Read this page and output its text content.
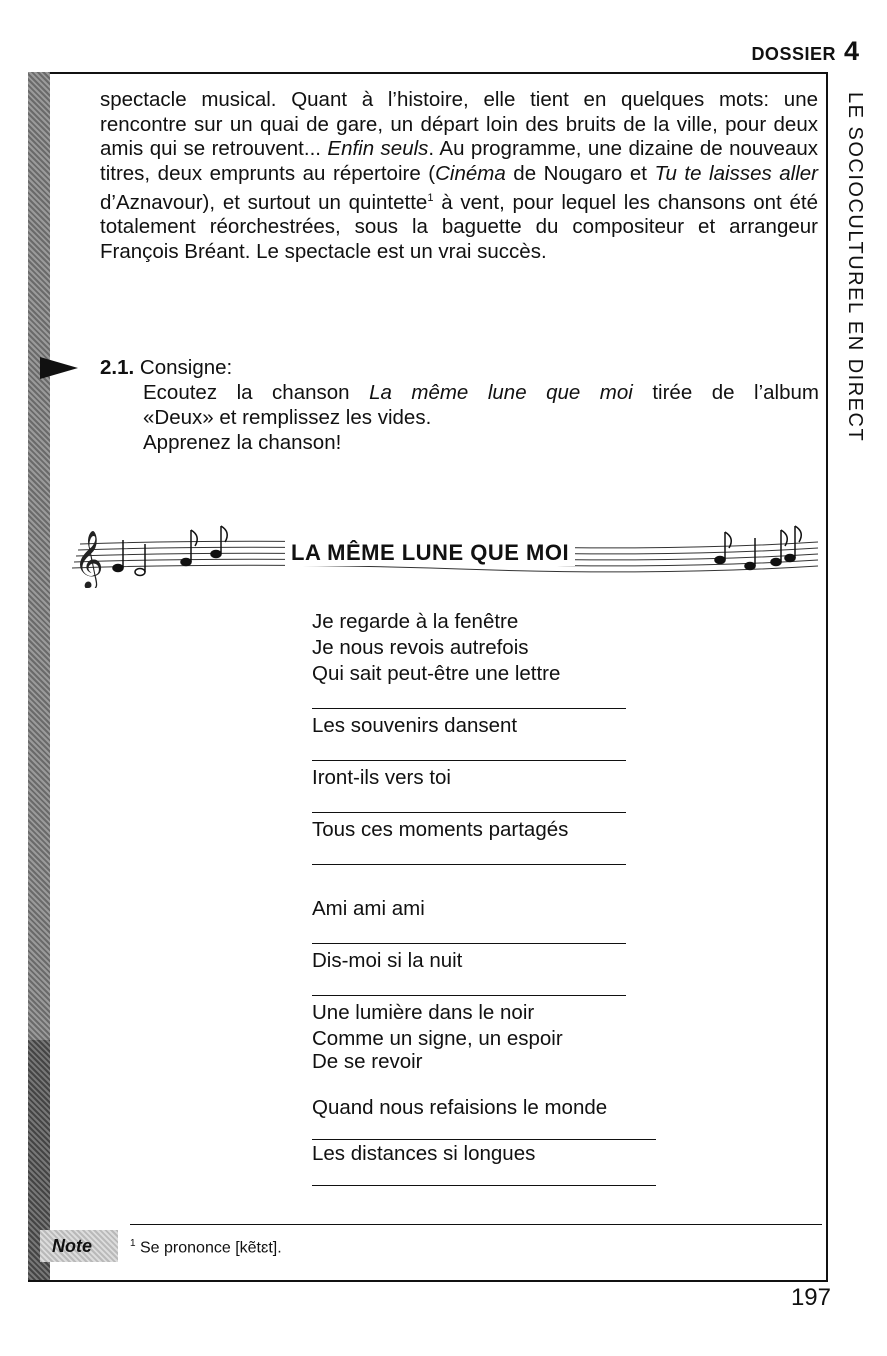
DOSSIER 4
LE SOCIOCULTUREL EN DIRECT
spectacle musical. Quant à l’histoire, elle tient en quelques mots: une rencontre sur un quai de gare, un départ loin des bruits de la ville, pour deux amis qui se retrouvent... Enfin seuls. Au programme, une dizaine de nouveaux titres, deux emprunts au répertoire (Cinéma de Nougaro et Tu te laisses aller d’Aznavour), et surtout un quintette$^1$ à vent, pour lequel les chansons ont été totalement réorchestrées, sous la baguette du compositeur et arrangeur François Bréant. Le spectacle est un vrai succès.
2.1. Consigne:

Ecoutez la chanson La même lune que moi tirée de l’album

«Deux» et remplissez les vides.

Apprenez la chanson!

𝄞	LA MÊME LUNE QUE MOI
Je regarde à la fenêtre
Je nous revois autrefois
Qui sait peut-être une lettre
Les souvenirs dansent
Iront-ils vers toi
Tous ces moments partagés
Ami ami ami
Dis-moi si la nuit
Une lumière dans le noir
Comme un signe, un espoir
De se revoir
Quand nous refaisions le monde
Les distances si longues
Note	$^1$ Se prononce [kẽtɛt].
197
